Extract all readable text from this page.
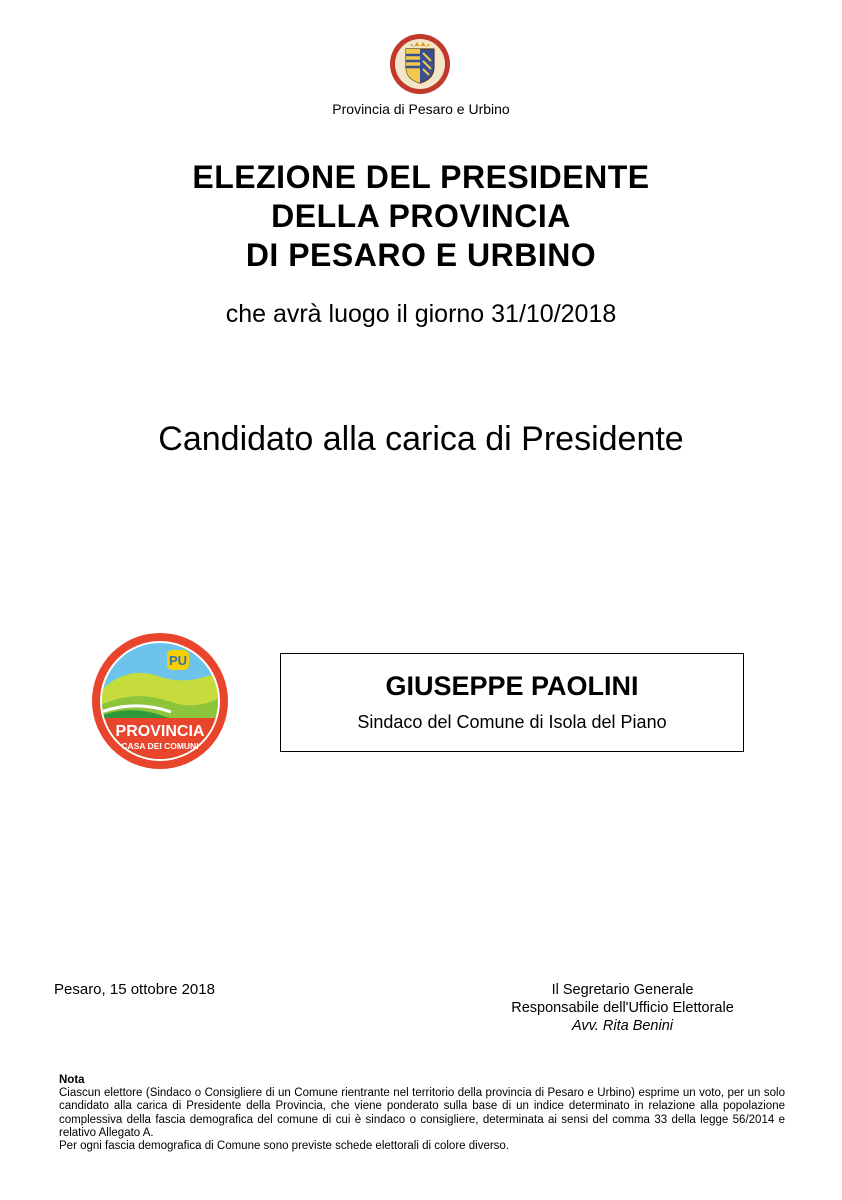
Provincia di Pesaro e Urbino
ELEZIONE DEL PRESIDENTE
DELLA PROVINCIA
DI PESARO E URBINO
che avrà luogo il giorno 31/10/2018
Candidato alla carica di Presidente
PU
PROVINCIA
CASA DEI COMUNI
GIUSEPPE PAOLINI
Sindaco del Comune di Isola del Piano
Pesaro, 15 ottobre 2018	Il Segretario Generale
Responsabile dell'Ufficio Elettorale
Avv. Rita Benini
Nota
Ciascun elettore (Sindaco o Consigliere di un Comune rientrante nel territorio della provincia di Pesaro e Urbino) esprime un voto, per un solo candidato alla carica di Presidente della Provincia, che viene ponderato sulla base di un indice determinato in relazione alla popolazione complessiva della fascia demografica del comune di cui è sindaco o consigliere, determinata ai sensi del comma 33 della legge 56/2014 e relativo Allegato A.
Per ogni fascia demografica di Comune sono previste schede elettorali di colore diverso.
